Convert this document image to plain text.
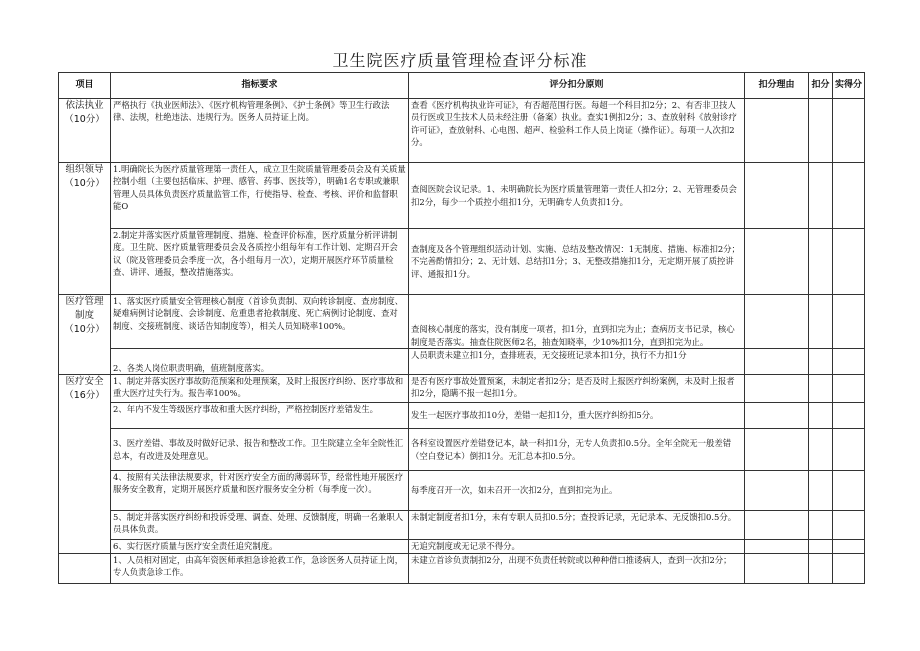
卫生院医疗质量管理检查评分标准
项目	指标要求	评分扣分原则	扣分理由	扣分	实得分

依法执业
（10分）	严格执行《执业医师法》、《医疗机构管理条例》、《护士条例》等卫生行政法律、法规，杜绝违法、违规行为。医务人员持证上岗。	查看《医疗机构执业许可证》，有否超范围行医。每超一个科目扣2分；2、有否非卫技人员行医或卫生技术人员未经注册（备案）执业。查实1例扣2分；3、查放射科《放射诊疗许可证》，查放射科、心电图、超声、检验科工作人员上岗证（操作证）。每项一人次扣2分。			

组织领导
（10分）	1.明确院长为医疗质量管理第一责任人，成立卫生院质量管理委员会及有关质量控制小组（主要包括临床、护理、感管、药事、医技等），明确1名专职或兼职管理人员具体负责医疗质量监管工作，行使指导、检查、考核、评价和监督职能O	查阅医院会议记录。1、未明确院长为医疗质量管理第一责任人扣2分；2、无管理委员会扣2分，每少一个质控小组扣1分，无明确专人负责扣1分。			
	2.制定并落实医疗质量管理制度、措施、检查评价标准，医疗质量分析评讲制度。卫生院、医疗质量管理委员会及各质控小组每年有工作计划、定期召开会议（院及管理委员会季度一次，各小组每月一次），定期开展医疗环节质量检查、讲评、通报，整改措施落实。	查制度及各个管理组织活动计划、实施、总结及整改情况：1无制度、措施、标准扣2分；不完善酌情扣分；2、无计划、总结扣1分；3、无整改措施扣1分，无定期开展了质控讲评、通报扣1分。			

医疗管理制度
（10分）	1、落实医疗质量安全管理核心制度（首诊负责制、双向转诊制度、查房制度、疑难病例讨论制度、会诊制度、危重患者抢救制度、死亡病例讨论制度、查对制度、交接班制度、谈话告知制度等），相关人员知晓率100%。	查阅核心制度的落实，没有制度一项者，扣1分，直到扣完为止；查病历支书记录，核心制度是否落实。抽查住院医师2名，抽查知晓率，少10%扣1分，直到扣完为止。			
	2、各类人岗位职责明确，值班制度落实。	人员职责未建立扣1分，查排班表，无交接班记录本扣1分，执行不力扣1分			

医疗安全
（16分）	1、制定并落实医疗事故防范预案和处理预案，及时上报医疗纠纷、医疗事故和重大医疗过失行为。报告率100%。	是否有医疗事故处置预案，未制定者扣2分；是否及时上报医疗纠纷案例，未及时上报者扣2分，隐瞒不报一起扣1分。			
	2、年内不发生等级医疗事故和重大医疗纠纷，严格控制医疗差错发生。	发生一起医疗事故扣10分，差错一起扣1分，重大医疗纠纷扣5分。			
	3、医疗差错、事故及时做好记录、报告和整改工作。卫生院建立全年全院性汇总本，有改进及处理意见。	各科室设置医疗差错登记本，缺一科扣1分，无专人负责扣0.5分。全年全院无一般差错（空白登记本）倒扣1分。无汇总本扣0.5分。			
	4、按照有关法律法规要求，针对医疗安全方面的薄弱环节，经常性地开展医疗服务安全教育，定期开展医疗质量和医疗服务安全分析（每季度一次）。	每季度召开一次，如未召开一次扣2分，直到扣完为止。			
	5、制定并落实医疗纠纷和投诉受理、调查、处理、反馈制度，明确一名兼职人员具体负责。	未制定制度者扣1分，未有专职人员扣0.5分；查投诉记录，无记录本、无反馈扣0.5分。			
	6、实行医疗质量与医疗安全责任追究制度。	无追究制度或无记录不得分。			
	1、人员相对固定，由高年资医师承担急诊抢救工作，急诊医务人员持证上岗，专人负责急诊工作。	未建立首诊负责制扣2分，出现不负责任转院或以种种借口推诿病人，查到一次扣2分；			
